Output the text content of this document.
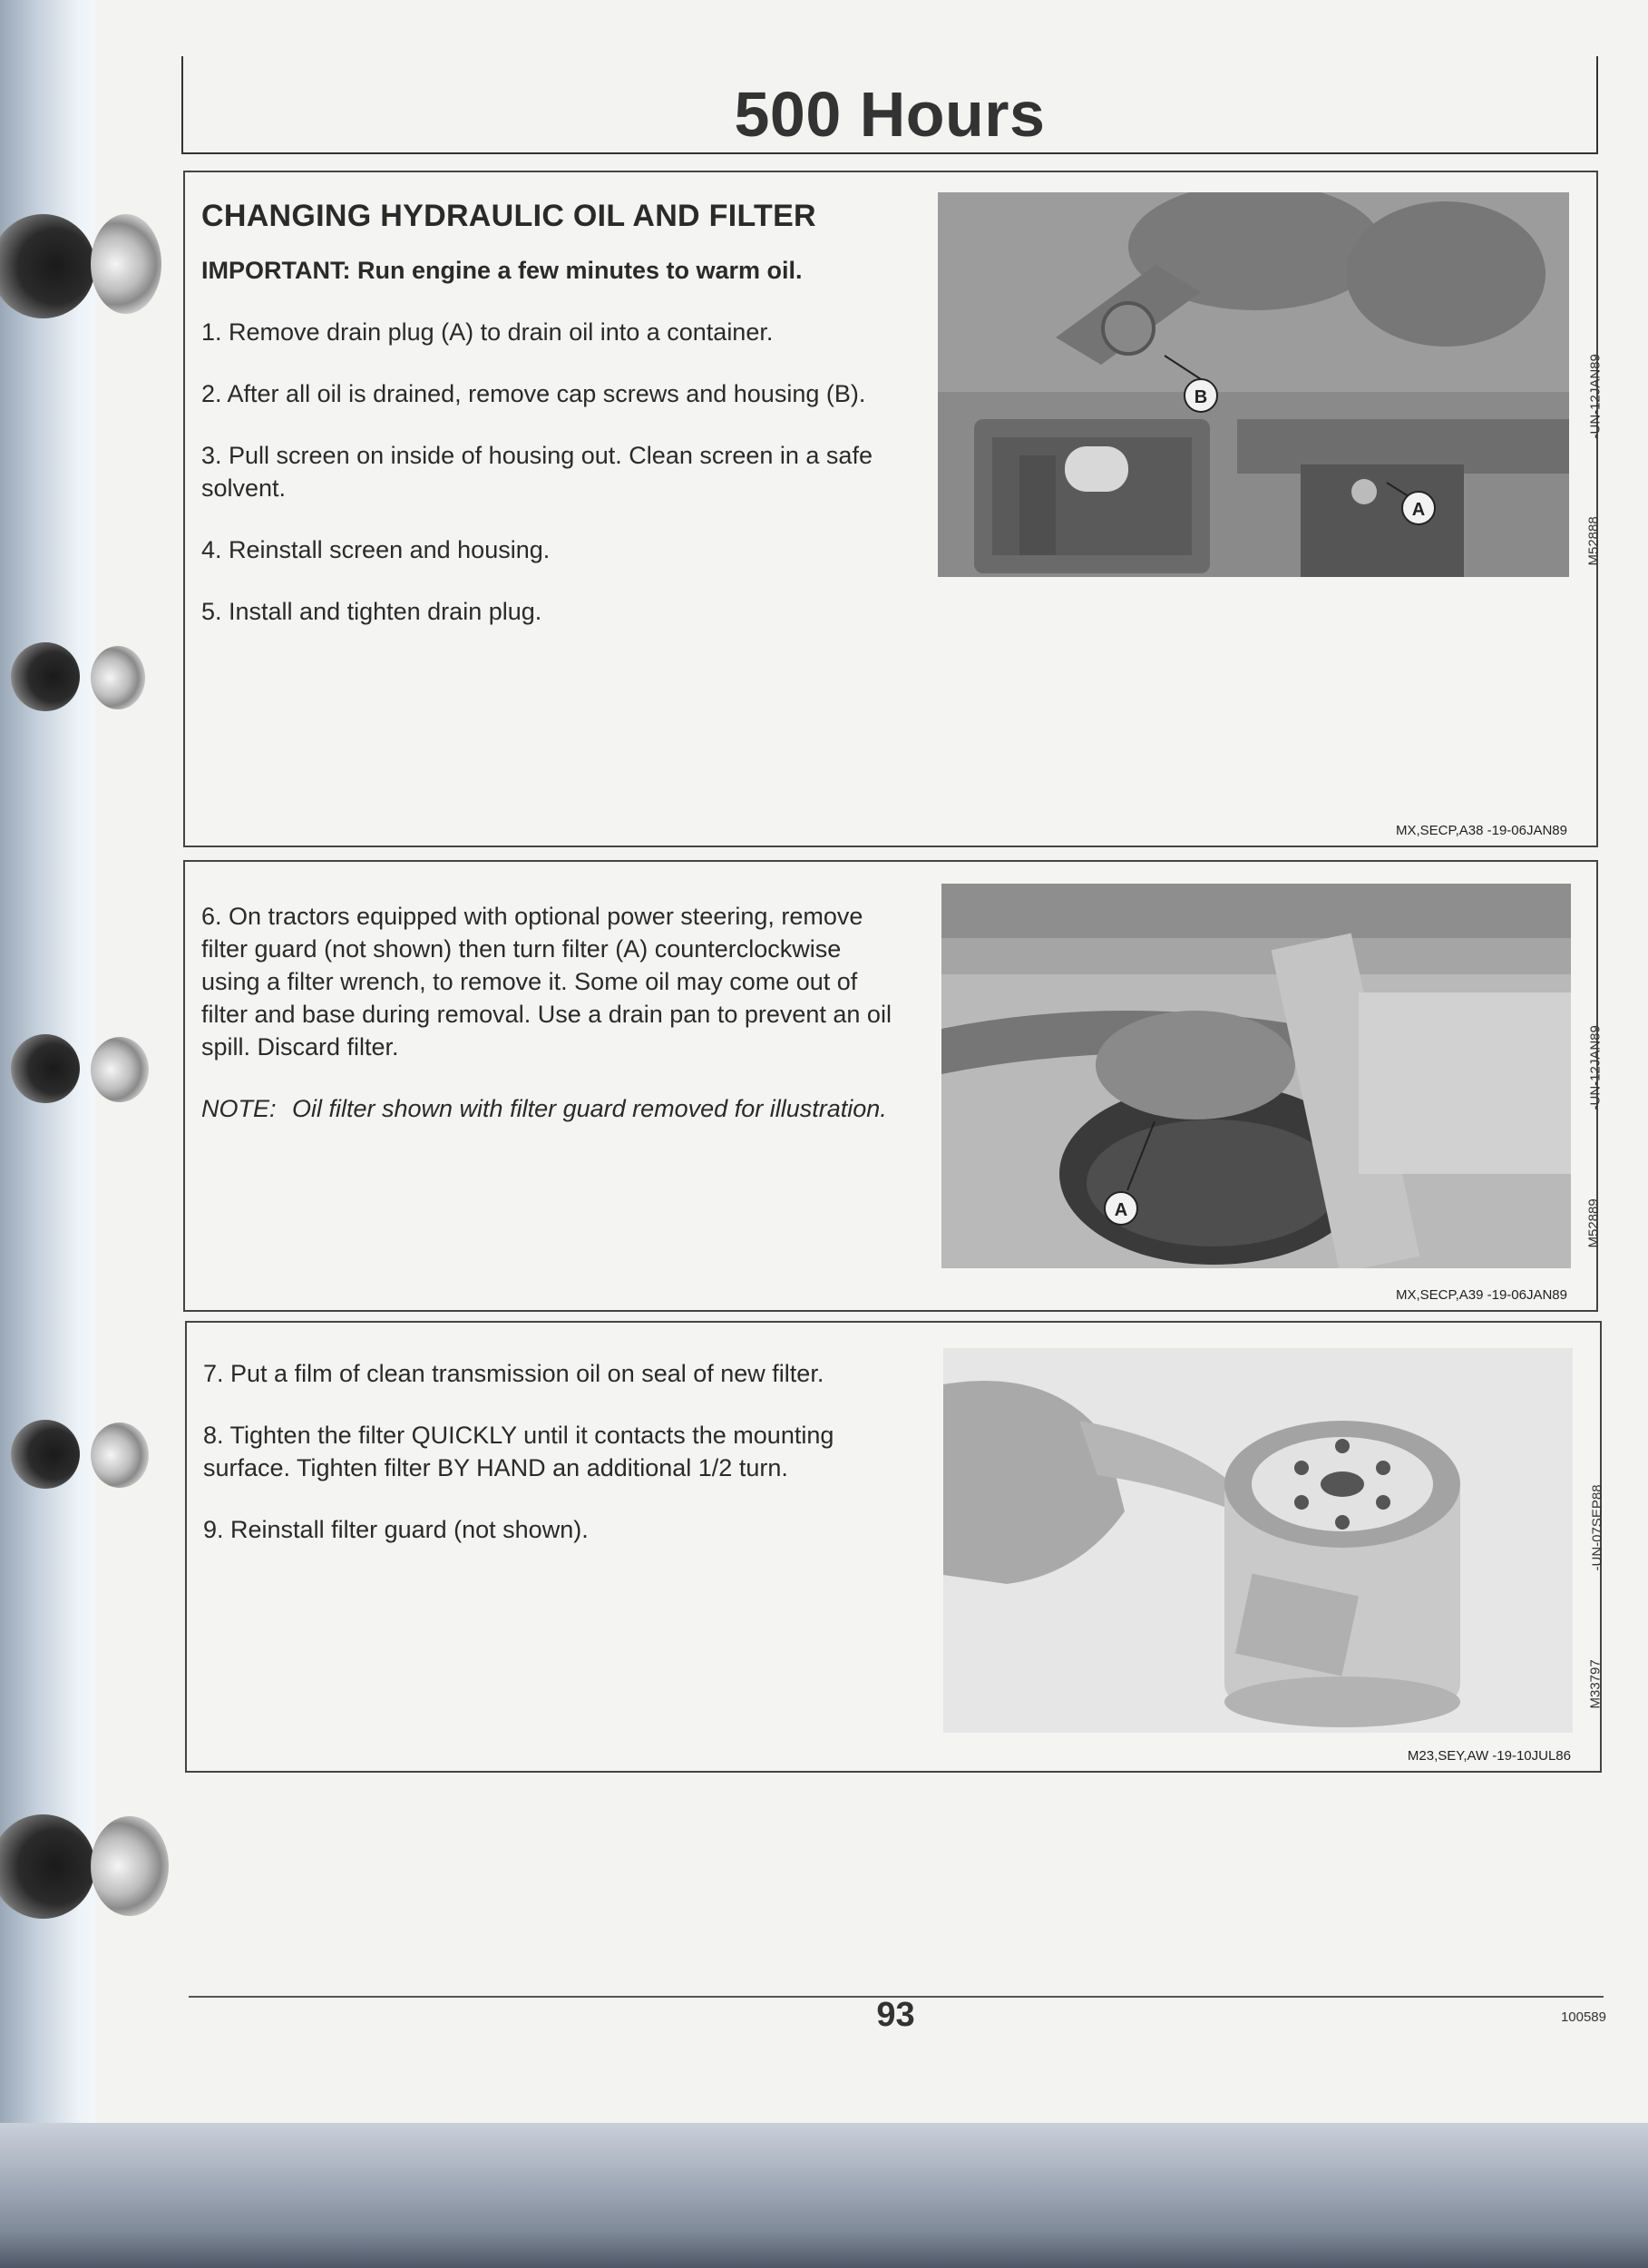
500 Hours
CHANGING HYDRAULIC OIL AND FILTER

IMPORTANT: Run engine a few minutes to warm oil.

1. Remove drain plug (A) to drain oil into a container.

2. After all oil is drained, remove cap screws and housing (B).

3. Pull screen on inside of housing out. Clean screen in a safe solvent.

4. Reinstall screen and housing.

5. Install and tighten drain plug.

B
A
-UN-12JAN89
M52888
MX,SECP,A38 -19-06JAN89

6. On tractors equipped with optional power steering, remove filter guard (not shown) then turn filter (A) counterclockwise using a filter wrench, to remove it. Some oil may come out of filter and base during removal. Use a drain pan to prevent an oil spill. Discard filter.

NOTE: Oil filter shown with filter guard removed for illustration.
A
-UN-12JAN89
M52889
MX,SECP,A39 -19-06JAN89

7. Put a film of clean transmission oil on seal of new filter.

8. Tighten the filter QUICKLY until it contacts the mounting surface. Tighten filter BY HAND an additional 1/2 turn.

9. Reinstall filter guard (not shown).	-UN-07SEP88
M33797
M23,SEY,AW -19-10JUL86
93	100589
